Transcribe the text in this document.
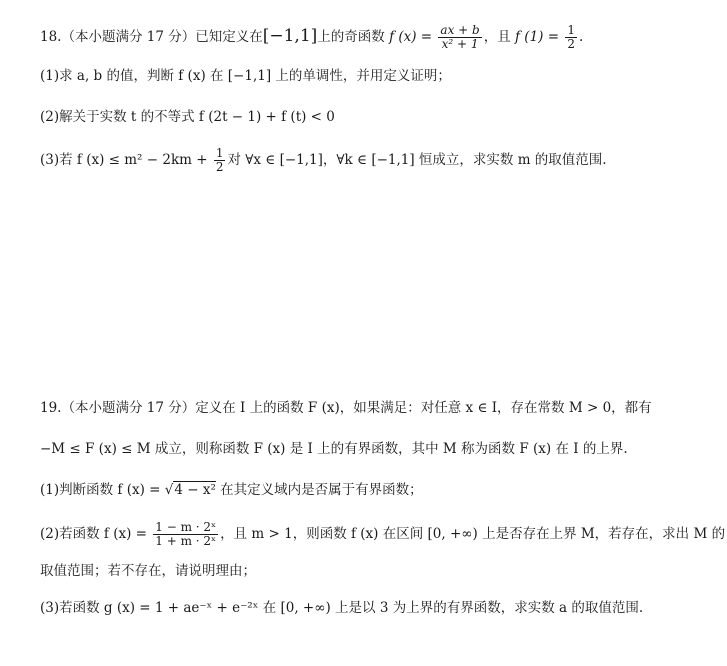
18.（本小题满分 17 分）已知定义在[−1,1]上的奇函数 f $(x) = \frac{ax + b}{\text{x² + 1}}$ ，且 f $(1) = \frac{1}{2}$ .
(1)求 a, b 的值，判断 f (x) 在 [−1,1] 上的单调性，并用定义证明；
(2)解关于实数 t 的不等式 f (2t − 1) + f (t) < 0
(3)若 f $(x) \le m^2 - 2km + \frac{1}{2}$ 对 ∀x ∈ [−1,1]，∀k ∈ [−1,1] 恒成立，求实数 m 的取值范围.
19.（本小题满分 17 分）定义在 I 上的函数 F (x)，如果满足：对任意 x ∈ I，存在常数 M > 0，都有
−M ≤ F (x) ≤ M 成立，则称函数 F (x) 是 I 上的有界函数，其中 M 称为函数 F (x) 在 I 的上界.
(1)判断函数 f (x) = √4 − x² 在其定义域内是否属于有界函数；
(2)若函数 f $(x) = \frac{\text{1 − m · 2ˣ}}{\text{1 + m · 2ˣ}}$ ，且 m > 1，则函数 f (x) 在区间 [0, +∞) 上是否存在上界 M，若存在，求出 M 的
取值范围；若不存在，请说明理由；
(3)若函数 g (x) = 1 + ae⁻ˣ + e⁻²ˣ 在 [0, +∞) 上是以 3 为上界的有界函数，求实数 a 的取值范围.
